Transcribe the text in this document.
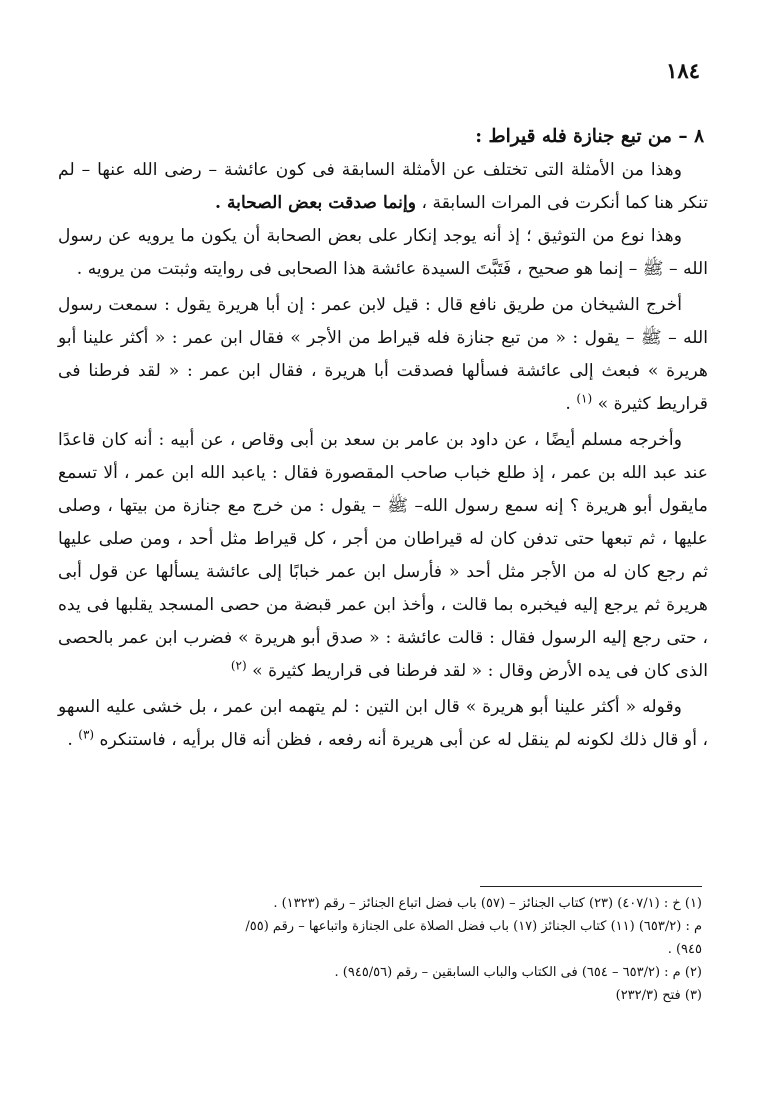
١٨٤
٨ – من تبع جنازة فله قيراط :

وهذا من الأمثلة التى تختلف عن الأمثلة السابقة فى كون عائشة – رضى الله عنها – لم تنكر هنا كما أنكرت فى المرات السابقة ، وإنما صدقت بعض الصحابة .

وهذا نوع من التوثيق ؛ إذ أنه يوجد إنكار على بعض الصحابة أن يكون ما يرويه عن رسول الله – ﷺ – إنما هو صحيح ، فَتَبَّتَ السيدة عائشة هذا الصحابى فى روايته وثبتت من يرويه .

أخرج الشيخان من طريق نافع قال : قيل لابن عمر : إن أبا هريرة يقول : سمعت رسول الله – ﷺ – يقول : « من تبع جنازة فله قيراط من الأجر » فقال ابن عمر : « أكثر علينا أبو هريرة » فبعث إلى عائشة فسألها فصدقت أبا هريرة ، فقال ابن عمر : « لقد فرطنا فى قراريط كثيرة » $^{(١)}$ .

وأخرجه مسلم أيضًا ، عن داود بن عامر بن سعد بن أبى وقاص ، عن أبيه : أنه كان قاعدًا عند عبد الله بن عمر ، إذ طلع خباب صاحب المقصورة فقال : ياعبد الله ابن عمر ، ألا تسمع مايقول أبو هريرة ؟ إنه سمع رسول الله– ﷺ – يقول : من خرج مع جنازة من بيتها ، وصلى عليها ، ثم تبعها حتى تدفن كان له قيراطان من أجر ، كل قيراط مثل أحد ، ومن صلى عليها ثم رجع كان له من الأجر مثل أحد « فأرسل ابن عمر خبابًا إلى عائشة يسألها عن قول أبى هريرة ثم يرجع إليه فيخبره بما قالت ، وأخذ ابن عمر قبضة من حصى المسجد يقلبها فى يده ، حتى رجع إليه الرسول فقال : قالت عائشة : « صدق أبو هريرة » فضرب ابن عمر بالحصى الذى كان فى يده الأرض وقال : « لقد فرطنا فى قراريط كثيرة » $^{(٢)}$

وقوله « أكثر علينا أبو هريرة » قال ابن التين : لم يتهمه ابن عمر ، بل خشى عليه السهو ، أو قال ذلك لكونه لم ينقل له عن أبى هريرة أنه رفعه ، فظن أنه قال برأيه ، فاستنكره $^{(٣)}$ .

(١) خ : (٤٠٧/١) (٢٣) كتاب الجنائز – (٥٧) باب فضل اتباع الجنائز – رقم (١٣٢٣) .

م : (٦٥٣/٢) (١١) كتاب الجنائز (١٧) باب فضل الصلاة على الجنازة واتباعها – رقم (٥٥/

٩٤٥) .

(٢) م : (٦٥٣/٢ – ٦٥٤) فى الكتاب والباب السابقين – رقم (٩٤٥/٥٦) .

(٣) فتح (٢٣٢/٣)
